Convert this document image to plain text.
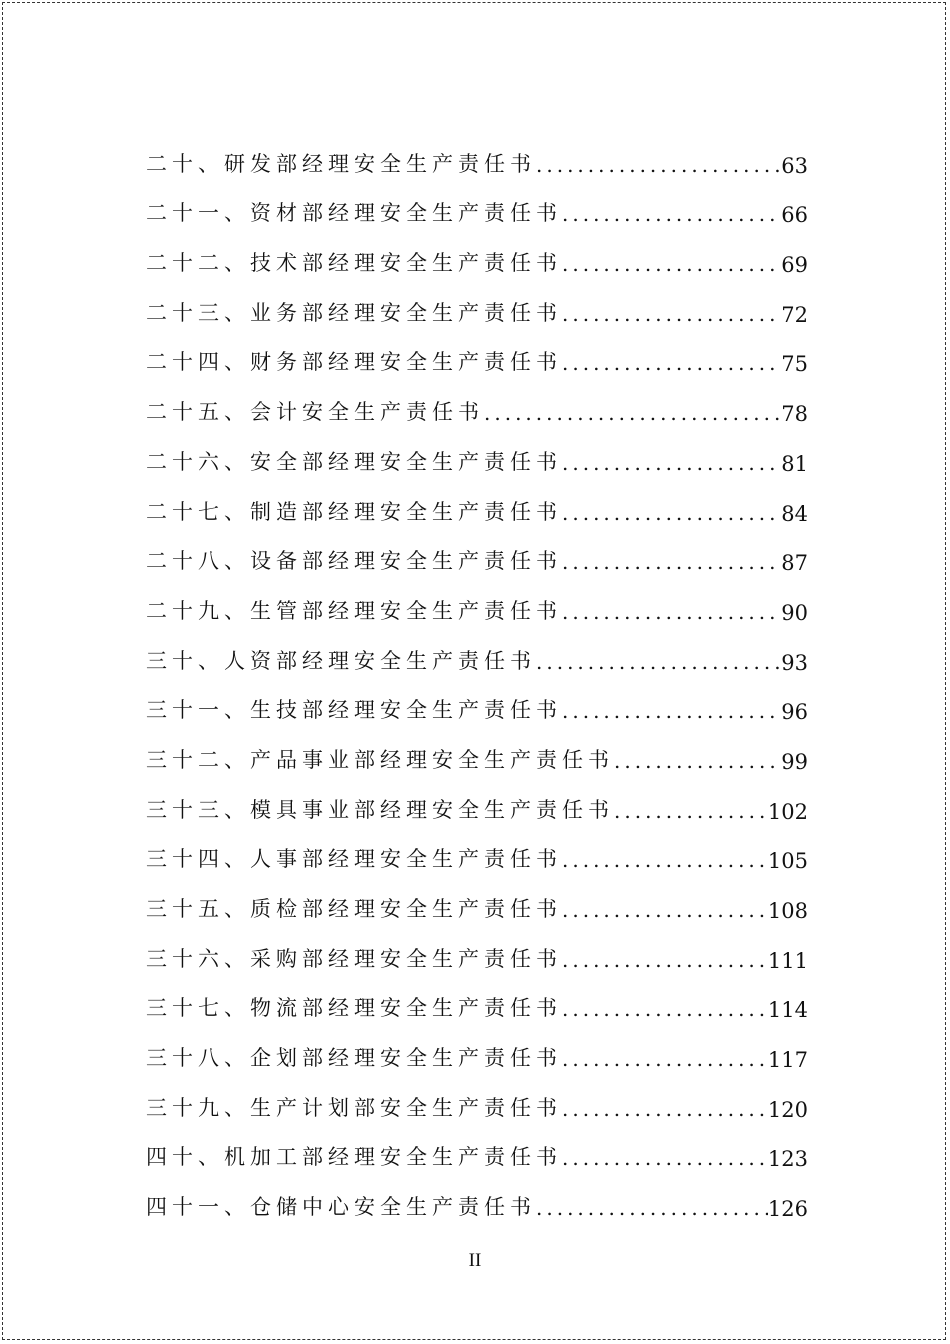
二十、研发部经理安全生产责任书 .....	63
二十一、资材部经理安全生产责任书 .....	66
二十二、技术部经理安全生产责任书 .....	69
二十三、业务部经理安全生产责任书 .....	72
二十四、财务部经理安全生产责任书 .....	75
二十五、会计安全生产责任书 .....	78
二十六、安全部经理安全生产责任书 .....	81
二十七、制造部经理安全生产责任书 .....	84
二十八、设备部经理安全生产责任书 .....	87
二十九、生管部经理安全生产责任书 .....	90
三十、人资部经理安全生产责任书 .....	93
三十一、生技部经理安全生产责任书 .....	96
三十二、产品事业部经理安全生产责任书 .....	99
三十三、模具事业部经理安全生产责任书 .....	102
三十四、人事部经理安全生产责任书 .....	105
三十五、质检部经理安全生产责任书 .....	108
三十六、采购部经理安全生产责任书 .....	111
三十七、物流部经理安全生产责任书 .....	114
三十八、企划部经理安全生产责任书 .....	117
三十九、生产计划部安全生产责任书 .....	120
四十、机加工部经理安全生产责任书 .....	123
四十一、仓储中心安全生产责任书 .....	126
II
